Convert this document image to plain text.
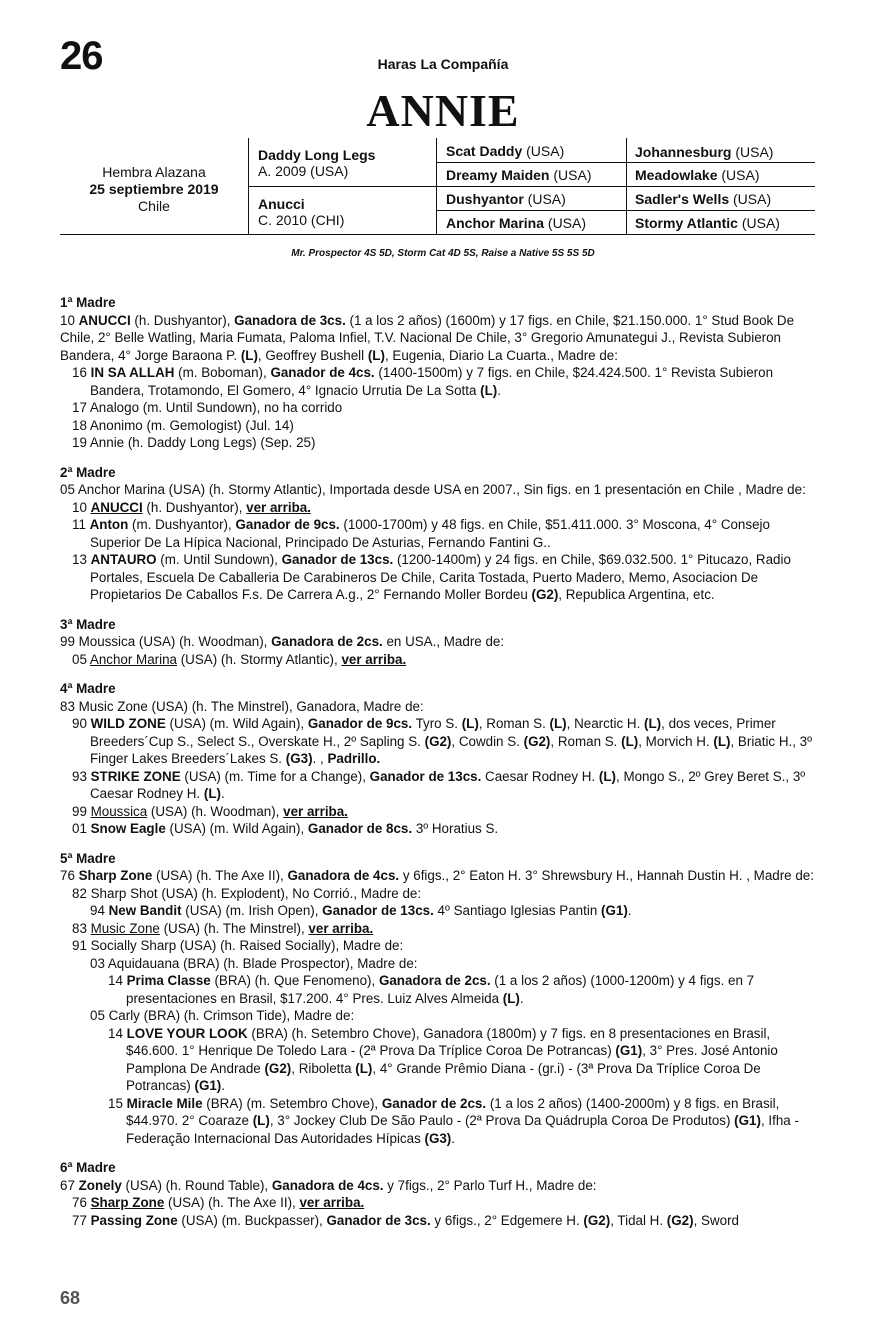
26	Haras La Compañía
ANNIE
Hembra Alazana
25 septiembre 2019
Chile
Daddy Long Legs
A. 2009 (USA)
Anucci
C. 2010 (CHI)
Scat Daddy (USA)
Dreamy Maiden (USA)
Dushyantor (USA)
Anchor Marina (USA)
Johannesburg (USA)
Meadowlake (USA)
Sadler's Wells (USA)
Stormy Atlantic (USA)
Mr. Prospector 4S 5D, Storm Cat 4D 5S, Raise a Native 5S 5S 5D
1ª Madre
10 ANUCCI (h. Dushyantor), Ganadora de 3cs. (1 a los 2 años) (1600m) y 17 figs. en Chile, $21.150.000. 1° Stud Book De Chile, 2° Belle Watling, Maria Fumata, Paloma Infiel, T.V. Nacional De Chile, 3° Gregorio Amunategui J., Revista Subieron Bandera, 4° Jorge Baraona P. (L), Geoffrey Bushell (L), Eugenia, Diario La Cuarta., Madre de:
16 IN SA ALLAH (m. Boboman), Ganador de 4cs. (1400-1500m) y 7 figs. en Chile, $24.424.500. 1° Revista Subieron Bandera, Trotamondo, El Gomero, 4° Ignacio Urrutia De La Sotta (L).
17 Analogo (m. Until Sundown), no ha corrido
18 Anonimo (m. Gemologist) (Jul. 14)
19 Annie (h. Daddy Long Legs) (Sep. 25)
2ª Madre
05 Anchor Marina (USA) (h. Stormy Atlantic), Importada desde USA en 2007., Sin figs. en 1 presentación en Chile , Madre de:
10 ANUCCI (h. Dushyantor), ver arriba.
11 Anton (m. Dushyantor), Ganador de 9cs. (1000-1700m) y 48 figs. en Chile, $51.411.000. 3° Moscona, 4° Consejo Superior De La Hípica Nacional, Principado De Asturias, Fernando Fantini G..
13 ANTAURO (m. Until Sundown), Ganador de 13cs. (1200-1400m) y 24 figs. en Chile, $69.032.500. 1° Pitucazo, Radio Portales, Escuela De Caballeria De Carabineros De Chile, Carita Tostada, Puerto Madero, Memo, Asociacion De Propietarios De Caballos F.s. De Carrera A.g., 2° Fernando Moller Bordeu (G2), Republica Argentina, etc.
3ª Madre
99 Moussica (USA) (h. Woodman), Ganadora de 2cs. en USA., Madre de:
05 Anchor Marina (USA) (h. Stormy Atlantic), ver arriba.
4ª Madre
83 Music Zone (USA) (h. The Minstrel), Ganadora, Madre de:
90 WILD ZONE (USA) (m. Wild Again), Ganador de 9cs. Tyro S. (L), Roman S. (L), Nearctic H. (L), dos veces, Primer Breeders´Cup S., Select S., Overskate H., 2º Sapling S. (G2), Cowdin S. (G2), Roman S. (L), Morvich H. (L), Briatic H., 3º Finger Lakes Breeders´Lakes S. (G3). , Padrillo.
93 STRIKE ZONE (USA) (m. Time for a Change), Ganador de 13cs. Caesar Rodney H. (L), Mongo S., 2º Grey Beret S., 3º Caesar Rodney H. (L).
99 Moussica (USA) (h. Woodman), ver arriba.
01 Snow Eagle (USA) (m. Wild Again), Ganador de 8cs. 3º Horatius S.
5ª Madre
76 Sharp Zone (USA) (h. The Axe II), Ganadora de 4cs. y 6figs., 2° Eaton H. 3° Shrewsbury H., Hannah Dustin H. , Madre de:
82 Sharp Shot (USA) (h. Explodent), No Corrió., Madre de:
94 New Bandit (USA) (m. Irish Open), Ganador de 13cs. 4º Santiago Iglesias Pantin (G1).
83 Music Zone (USA) (h. The Minstrel), ver arriba.
91 Socially Sharp (USA) (h. Raised Socially), Madre de:
03 Aquidauana (BRA) (h. Blade Prospector), Madre de:
14 Prima Classe (BRA) (h. Que Fenomeno), Ganadora de 2cs. (1 a los 2 años) (1000-1200m) y 4 figs. en 7 presentaciones en Brasil, $17.200. 4° Pres. Luiz Alves Almeida (L).
05 Carly (BRA) (h. Crimson Tide), Madre de:
14 LOVE YOUR LOOK (BRA) (h. Setembro Chove), Ganadora (1800m) y 7 figs. en 8 presentaciones en Brasil, $46.600. 1° Henrique De Toledo Lara - (2ª Prova Da Tríplice Coroa De Potrancas) (G1), 3° Pres. José Antonio Pamplona De Andrade (G2), Riboletta (L), 4° Grande Prêmio Diana - (gr.i) - (3ª Prova Da Tríplice Coroa De Potrancas) (G1).
15 Miracle Mile (BRA) (m. Setembro Chove), Ganador de 2cs. (1 a los 2 años) (1400-2000m) y 8 figs. en Brasil, $44.970. 2° Coaraze (L), 3° Jockey Club De São Paulo - (2ª Prova Da Quádrupla Coroa De Produtos) (G1), Ifha - Federação Internacional Das Autoridades Hípicas (G3).
6ª Madre
67 Zonely (USA) (h. Round Table), Ganadora de 4cs. y 7figs., 2° Parlo Turf H., Madre de:
76 Sharp Zone (USA) (h. The Axe II), ver arriba.
77 Passing Zone (USA) (m. Buckpasser), Ganador de 3cs. y 6figs., 2° Edgemere H. (G2), Tidal H. (G2), Sword
68
